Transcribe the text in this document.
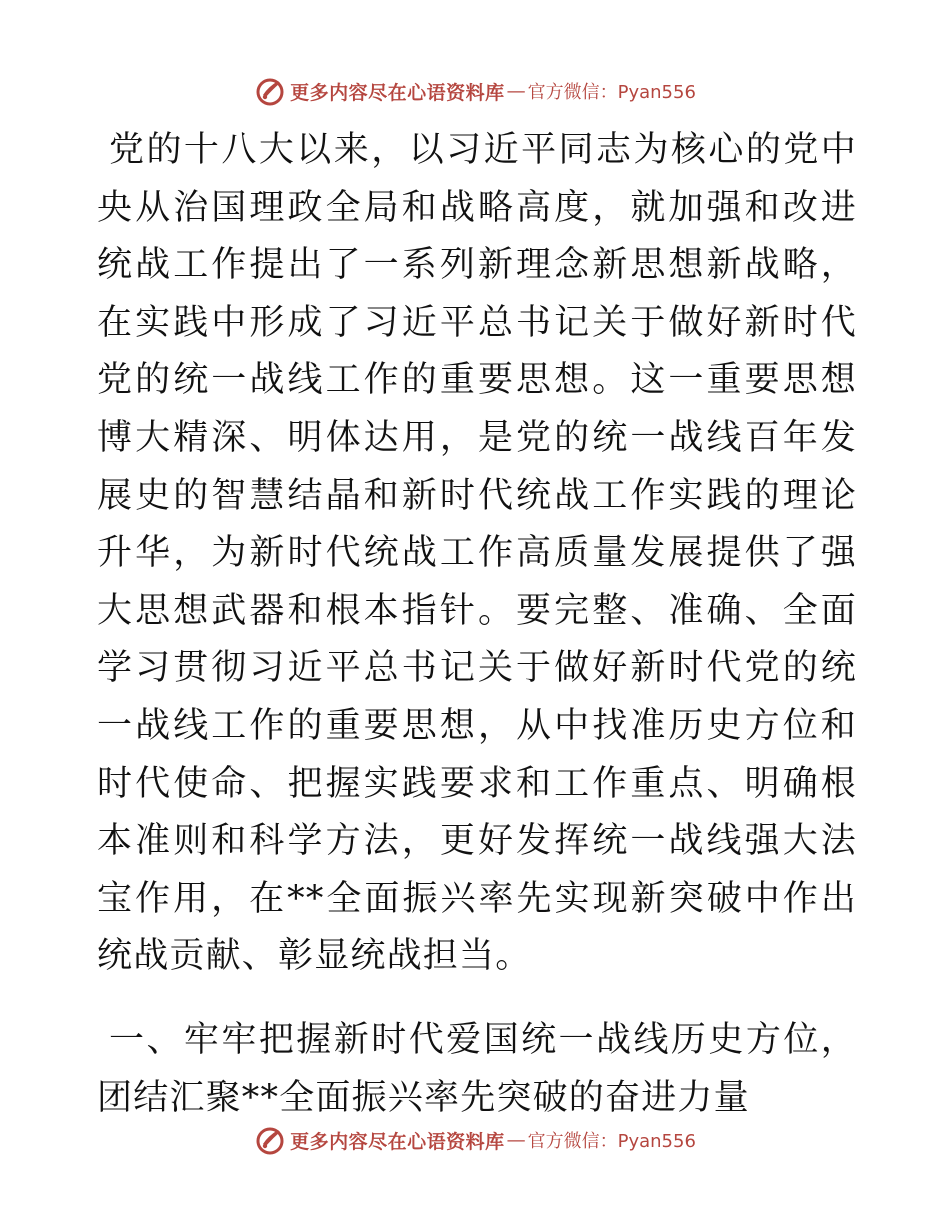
更多内容尽在心语资料库 — 官方微信：Pyan556

党的十八大以来，以习近平同志为核心的党中央从治国理政全局和战略高度，就加强和改进统战工作提出了一系列新理念新思想新战略，在实践中形成了习近平总书记关于做好新时代党的统一战线工作的重要思想。这一重要思想博大精深、明体达用，是党的统一战线百年发展史的智慧结晶和新时代统战工作实践的理论升华，为新时代统战工作高质量发展提供了强大思想武器和根本指针。要完整、准确、全面学习贯彻习近平总书记关于做好新时代党的统一战线工作的重要思想，从中找准历史方位和时代使命、把握实践要求和工作重点、明确根本准则和科学方法，更好发挥统一战线强大法宝作用，在**全面振兴率先实现新突破中作出统战贡献、彰显统战担当。

一、牢牢把握新时代爱国统一战线历史方位，团结汇聚**全面振兴率先突破的奋进力量

更多内容尽在心语资料库 — 官方微信：Pyan556
